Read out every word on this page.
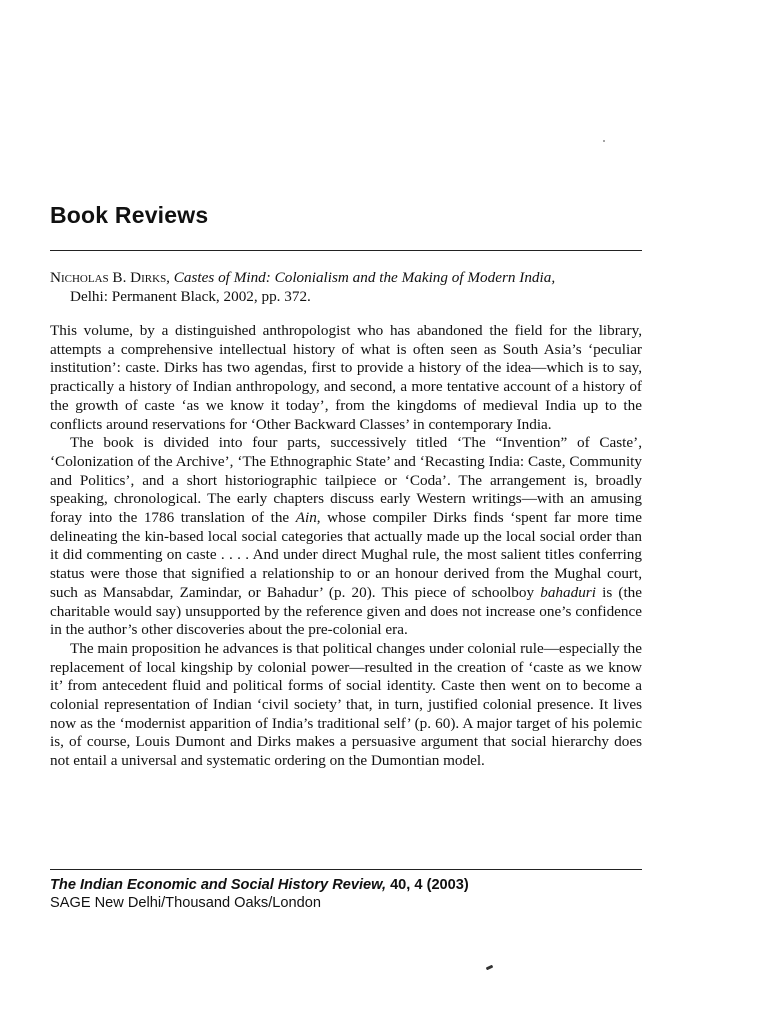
Book Reviews
Nicholas B. Dirks, Castes of Mind: Colonialism and the Making of Modern India,
Delhi: Permanent Black, 2002, pp. 372.

This volume, by a distinguished anthropologist who has abandoned the field for the library, attempts a comprehensive intellectual history of what is often seen as South Asia’s ‘peculiar institution’: caste. Dirks has two agendas, first to provide a history of the idea—which is to say, practically a history of Indian anthropology, and second, a more tentative account of a history of the growth of caste ‘as we know it today’, from the kingdoms of medieval India up to the conflicts around reservations for ‘Other Backward Classes’ in contemporary India.

The book is divided into four parts, successively titled ‘The “Invention” of Caste’, ‘Colonization of the Archive’, ‘The Ethnographic State’ and ‘Recasting India: Caste, Community and Politics’, and a short historiographic tailpiece or ‘Coda’. The arrangement is, broadly speaking, chronological. The early chapters discuss early Western writings—with an amusing foray into the 1786 translation of the Ain, whose compiler Dirks finds ‘spent far more time delineating the kin-based local social categories that actually made up the local social order than it did commenting on caste . . . . And under direct Mughal rule, the most salient titles conferring status were those that signified a relationship to or an honour derived from the Mughal court, such as Mansabdar, Zamindar, or Bahadur’ (p. 20). This piece of schoolboy bahaduri is (the charitable would say) unsupported by the reference given and does not increase one’s confidence in the author’s other discoveries about the pre-colonial era.

The main proposition he advances is that political changes under colonial rule—especially the replacement of local kingship by colonial power—resulted in the creation of ‘caste as we know it’ from antecedent fluid and political forms of social identity. Caste then went on to become a colonial representation of Indian ‘civil society’ that, in turn, justified colonial presence. It lives now as the ‘modernist apparition of India’s traditional self’ (p. 60). A major target of his polemic is, of course, Louis Dumont and Dirks makes a persuasive argument that social hierarchy does not entail a universal and systematic ordering on the Dumontian model.

The Indian Economic and Social History Review, 40, 4 (2003)
SAGE New Delhi/Thousand Oaks/London
